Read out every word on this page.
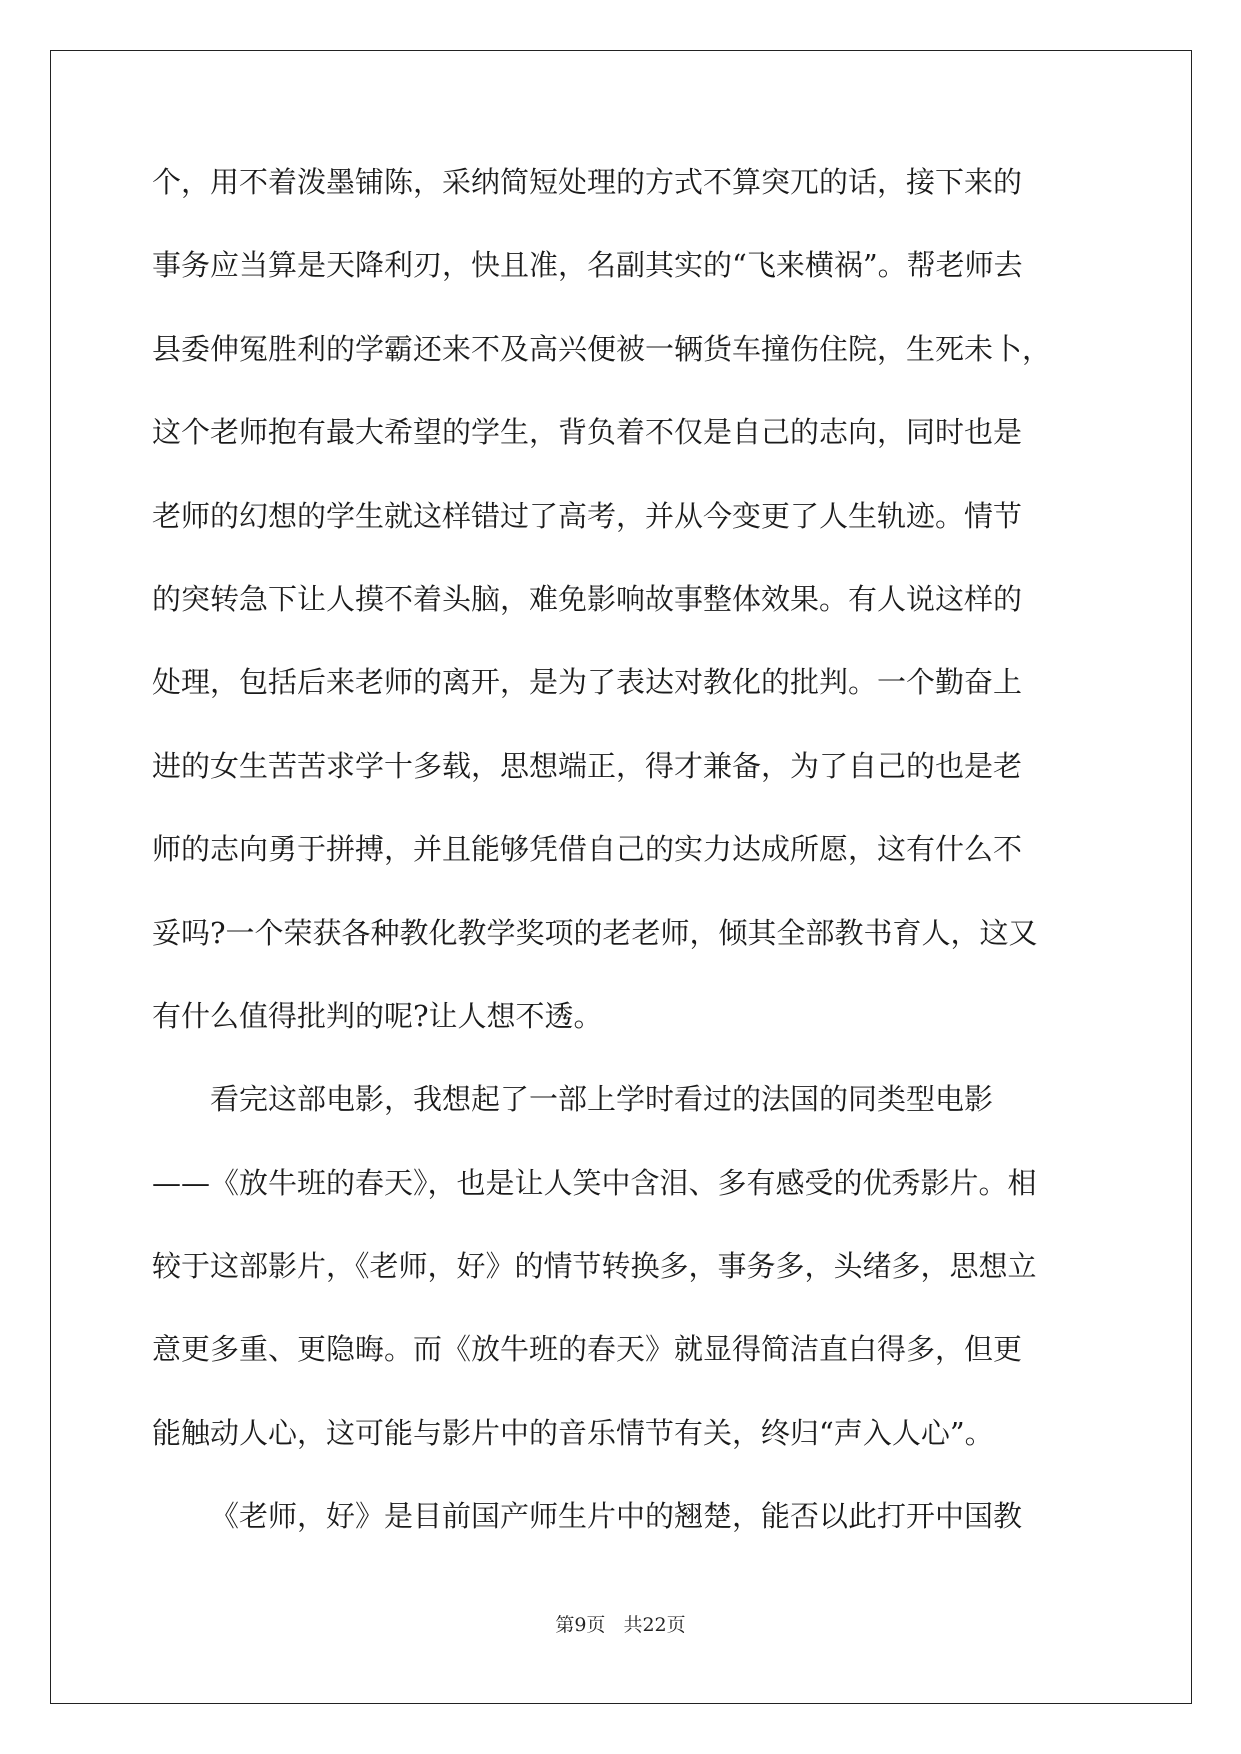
个，用不着泼墨铺陈，采纳简短处理的方式不算突兀的话，接下来的
事务应当算是天降利刃，快且准，名副其实的“飞来横祸”。帮老师去
县委伸冤胜利的学霸还来不及高兴便被一辆货车撞伤住院，生死未卜，
这个老师抱有最大希望的学生，背负着不仅是自己的志向，同时也是
老师的幻想的学生就这样错过了高考，并从今变更了人生轨迹。情节
的突转急下让人摸不着头脑，难免影响故事整体效果。有人说这样的
处理，包括后来老师的离开，是为了表达对教化的批判。一个勤奋上
进的女生苦苦求学十多载，思想端正，得才兼备，为了自己的也是老
师的志向勇于拼搏，并且能够凭借自己的实力达成所愿，这有什么不
妥吗?一个荣获各种教化教学奖项的老老师，倾其全部教书育人，这又
有什么值得批判的呢?让人想不透。
看完这部电影，我想起了一部上学时看过的法国的同类型电影
——《放牛班的春天》，也是让人笑中含泪、多有感受的优秀影片。相
较于这部影片，《老师，好》的情节转换多，事务多，头绪多，思想立
意更多重、更隐晦。而《放牛班的春天》就显得简洁直白得多，但更
能触动人心，这可能与影片中的音乐情节有关，终归“声入人心”。
《老师，好》是目前国产师生片中的翘楚，能否以此打开中国教
第9页 共22页
